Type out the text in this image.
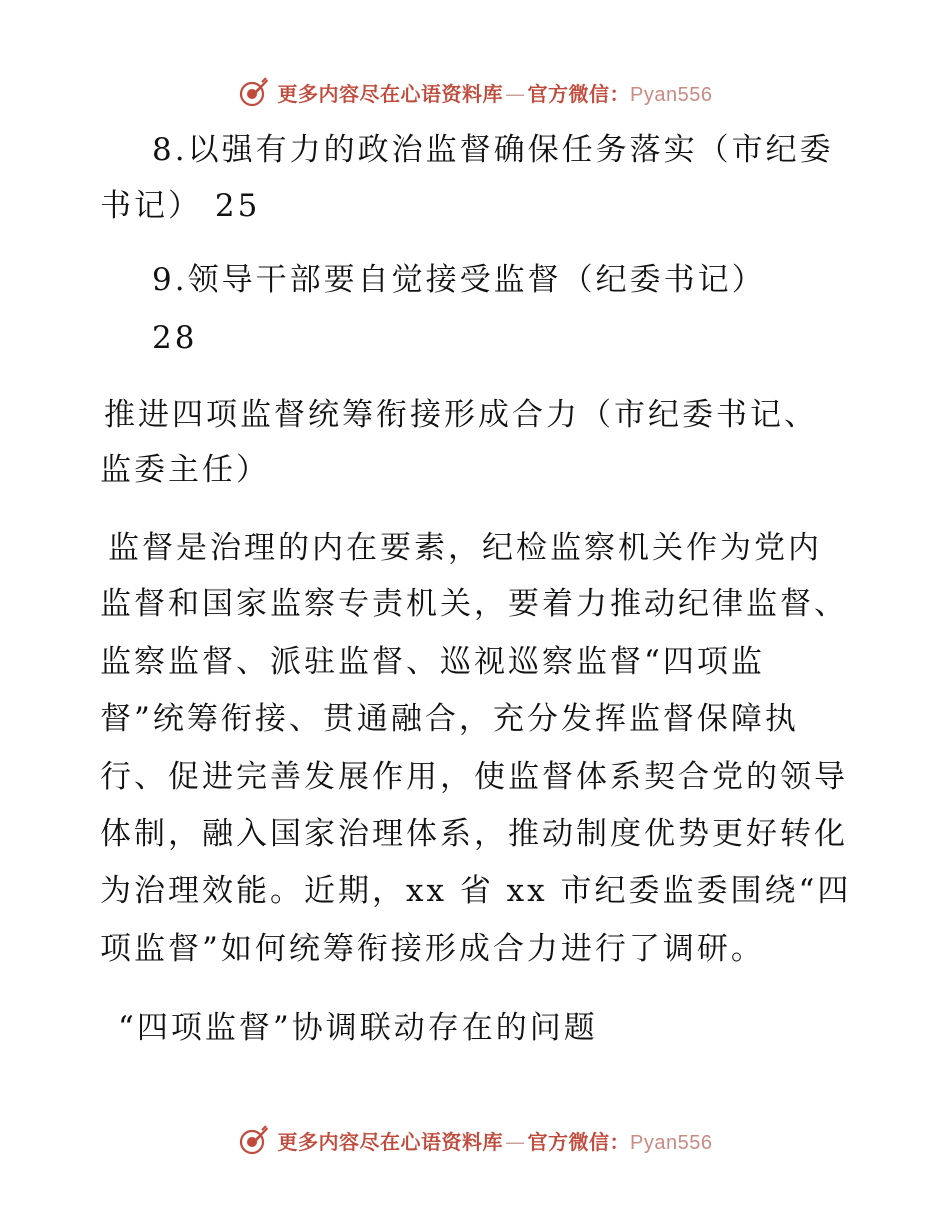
更多内容尽在心语资料库 — 官方微信：Pyan556
8.以强有力的政治监督确保任务落实（市纪委
书记） 25
9.领导干部要自觉接受监督（纪委书记）
28
推进四项监督统筹衔接形成合力（市纪委书记、
监委主任）
监督是治理的内在要素，纪检监察机关作为党内
监督和国家监察专责机关，要着力推动纪律监督、
监察监督、派驻监督、巡视巡察监督“四项监
督”统筹衔接、贯通融合，充分发挥监督保障执
行、促进完善发展作用，使监督体系契合党的领导
体制，融入国家治理体系，推动制度优势更好转化
为治理效能。近期，xx 省 xx 市纪委监委围绕“四
项监督”如何统筹衔接形成合力进行了调研。
“四项监督”协调联动存在的问题
更多内容尽在心语资料库 — 官方微信：Pyan556
